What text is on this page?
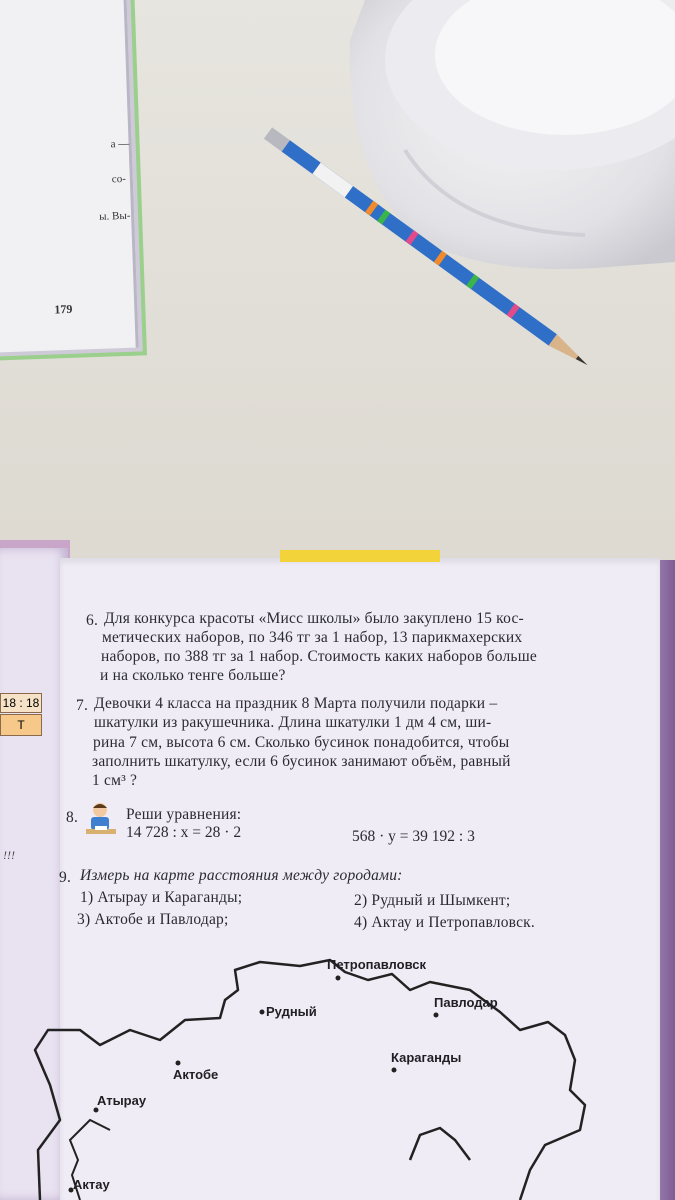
а —
со-
ы. Вы-
179
18 : 18
Т
!!!
6. Для конкурса красоты «Мисс школы» было закуплено 15 кос-
метических наборов, по 346 тг за 1 набор, 13 парикмахерских
наборов, по 388 тг за 1 набор. Стоимость каких наборов больше
и на сколько тенге больше?
7. Девочки 4 класса на праздник 8 Марта получили подарки –
шкатулки из ракушечника. Длина шкатулки 1 дм 4 см, ши-
рина 7 см, высота 6 см. Сколько бусинок понадобится, чтобы
заполнить шкатулку, если 6 бусинок занимают объём, равный
1 см³ ?
8.	Реши уравнения:
14 728 : x = 28 · 2	568 · y = 39 192 : 3
9. Измерь на карте расстояния между городами:
1) Атырау и Караганды;	2) Рудный и Шымкент;
3) Актобе и Павлодар;	4) Актау и Петропавловск.
Петропавловск
Павлодар
Рудный
Караганды
Актобе
Атырау
Актау
